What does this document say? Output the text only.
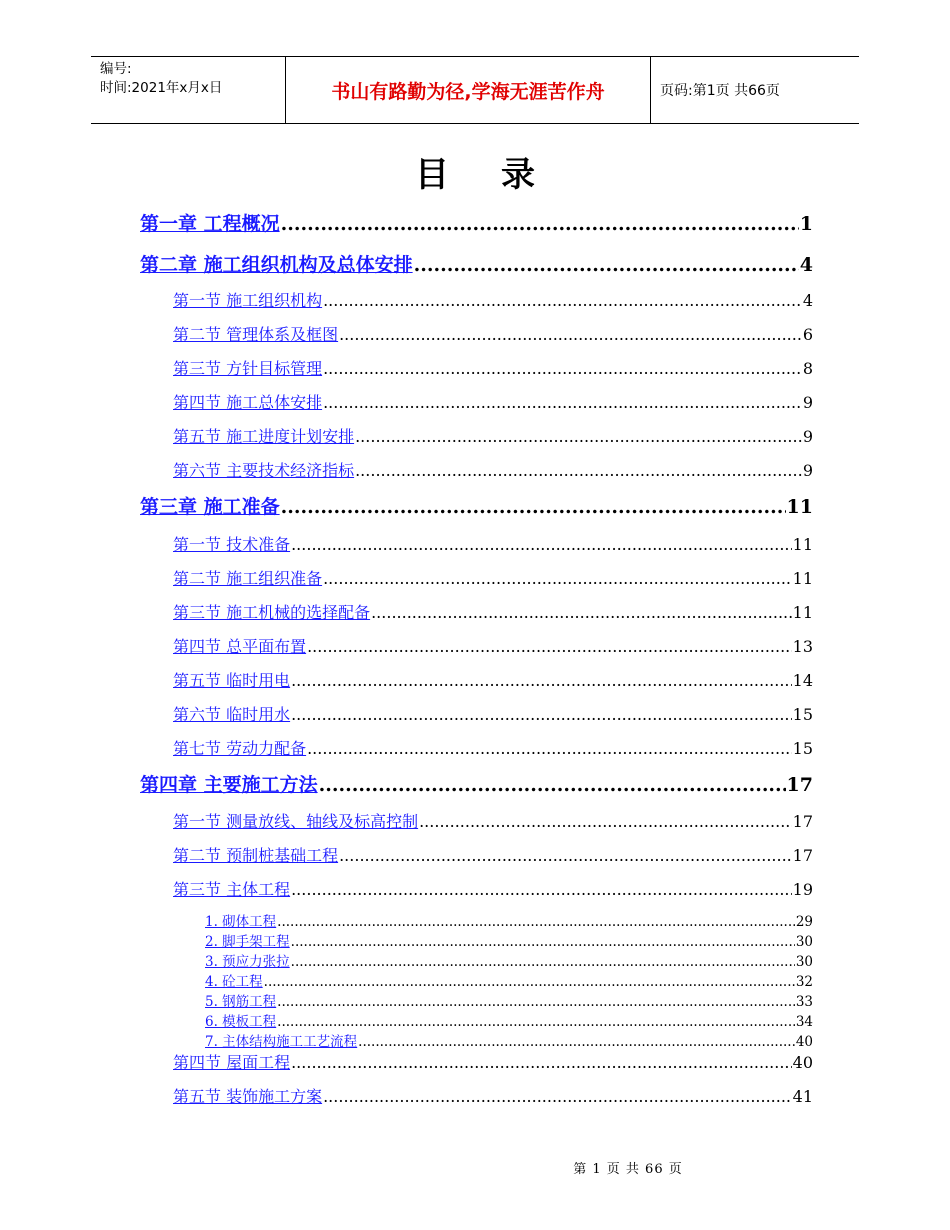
编号:
时间:2021年x月x日	书山有路勤为径,学海无涯苦作舟	页码:第1页 共66页
目录
第一章 工程概况 .....	1
第二章 施工组织机构及总体安排 .....	4
第一节 施工组织机构 .....	4
第二节 管理体系及框图 .....	6
第三节 方针目标管理 .....	8
第四节 施工总体安排 .....	9
第五节 施工进度计划安排 .....	9
第六节 主要技术经济指标 .....	9
第三章 施工准备 .....	11
第一节 技术准备 .....	11
第二节 施工组织准备 .....	11
第三节 施工机械的选择配备 .....	11
第四节 总平面布置 .....	13
第五节 临时用电 .....	14
第六节 临时用水 .....	15
第七节 劳动力配备 .....	15
第四章 主要施工方法 .....	17
第一节 测量放线、轴线及标高控制 .....	17
第二节 预制桩基础工程 .....	17
第三节 主体工程 .....	19
1. 砌体工程 .....	29
2. 脚手架工程 .....	30
3. 预应力张拉 .....	30
4. 砼工程 .....	32
5. 钢筋工程 .....	33
6. 模板工程 .....	34
7. 主体结构施工工艺流程 .....	40
第四节 屋面工程 .....	40
第五节 装饰施工方案 .....	41
第 1 页 共 66 页
